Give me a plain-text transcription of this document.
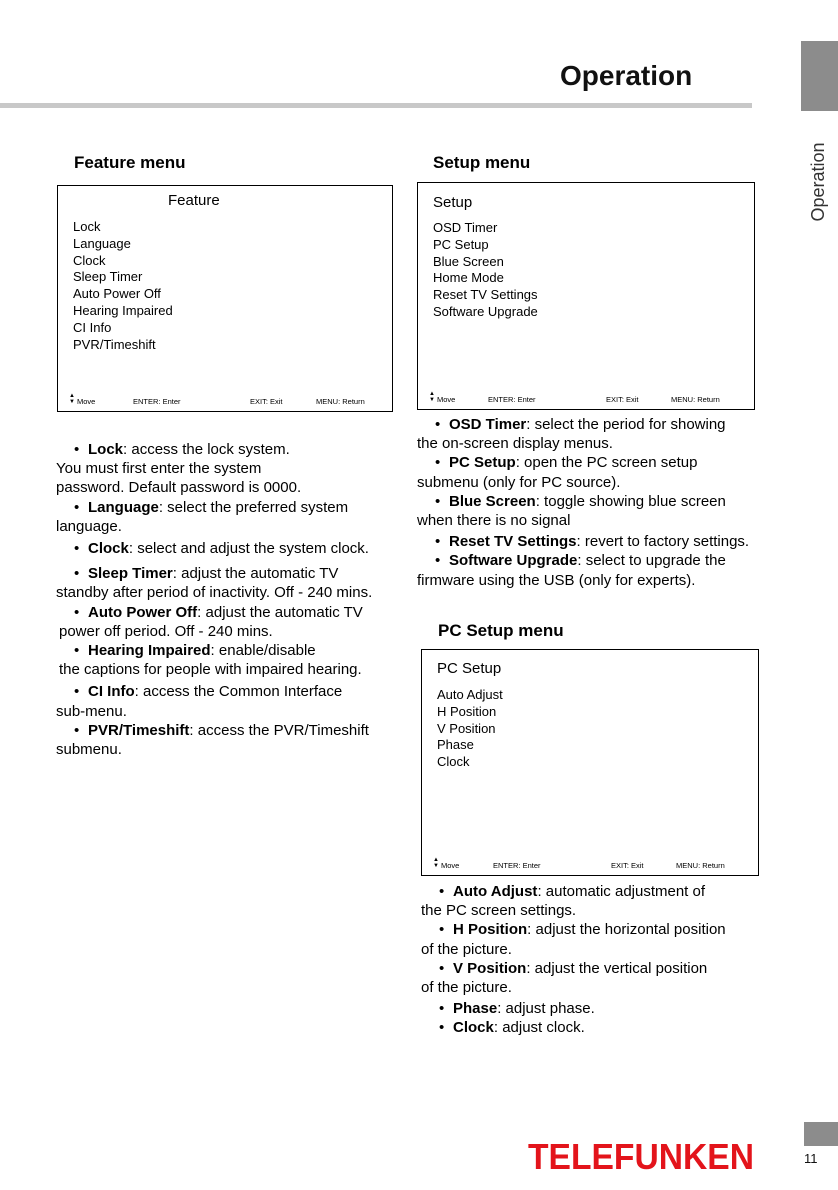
Operation
Operation
Feature menu	Setup menu
PC Setup menu
Feature
Lock
Language
Clock
Sleep Timer
Auto Power Off
Hearing Impaired
CI Info
PVR/Timeshift
▲
▼ Move	ENTER: Enter	EXIT: Exit	MENU: Return
Setup
OSD Timer
PC Setup
Blue Screen
Home Mode
Reset TV Settings
Software Upgrade
▲
▼ Move	ENTER: Enter	EXIT: Exit	MENU: Return
PC Setup
Auto Adjust
H Position
V Position
Phase
Clock
▲
▼ Move	ENTER: Enter	EXIT: Exit	MENU: Return

• Lock: access the lock system.

You must first enter the system

password. Default password is 0000.

• Language: select the preferred system

language.

• Clock: select and adjust the system clock.

• Sleep Timer: adjust the automatic TV

standby after period of inactivity. Off - 240 mins.

• Auto Power Off: adjust the automatic TV

power off period. Off - 240 mins.

• Hearing Impaired: enable/disable

the captions for people with impaired hearing.

• CI Info: access the Common Interface

sub-menu.

• PVR/Timeshift: access the PVR/Timeshift

submenu.

• OSD Timer: select the period for showing

the on-screen display menus.

• PC Setup: open the PC screen setup

submenu (only for PC source).

• Blue Screen: toggle showing blue screen

when there is no signal

• Reset TV Settings: revert to factory settings.

• Software Upgrade: select to upgrade the

firmware using the USB (only for experts).

• Auto Adjust: automatic adjustment of

the PC screen settings.

• H Position: adjust the horizontal position

of the picture.

• V Position: adjust the vertical position

of the picture.

• Phase: adjust phase.

• Clock: adjust clock.

TELEFUNKEN	11
